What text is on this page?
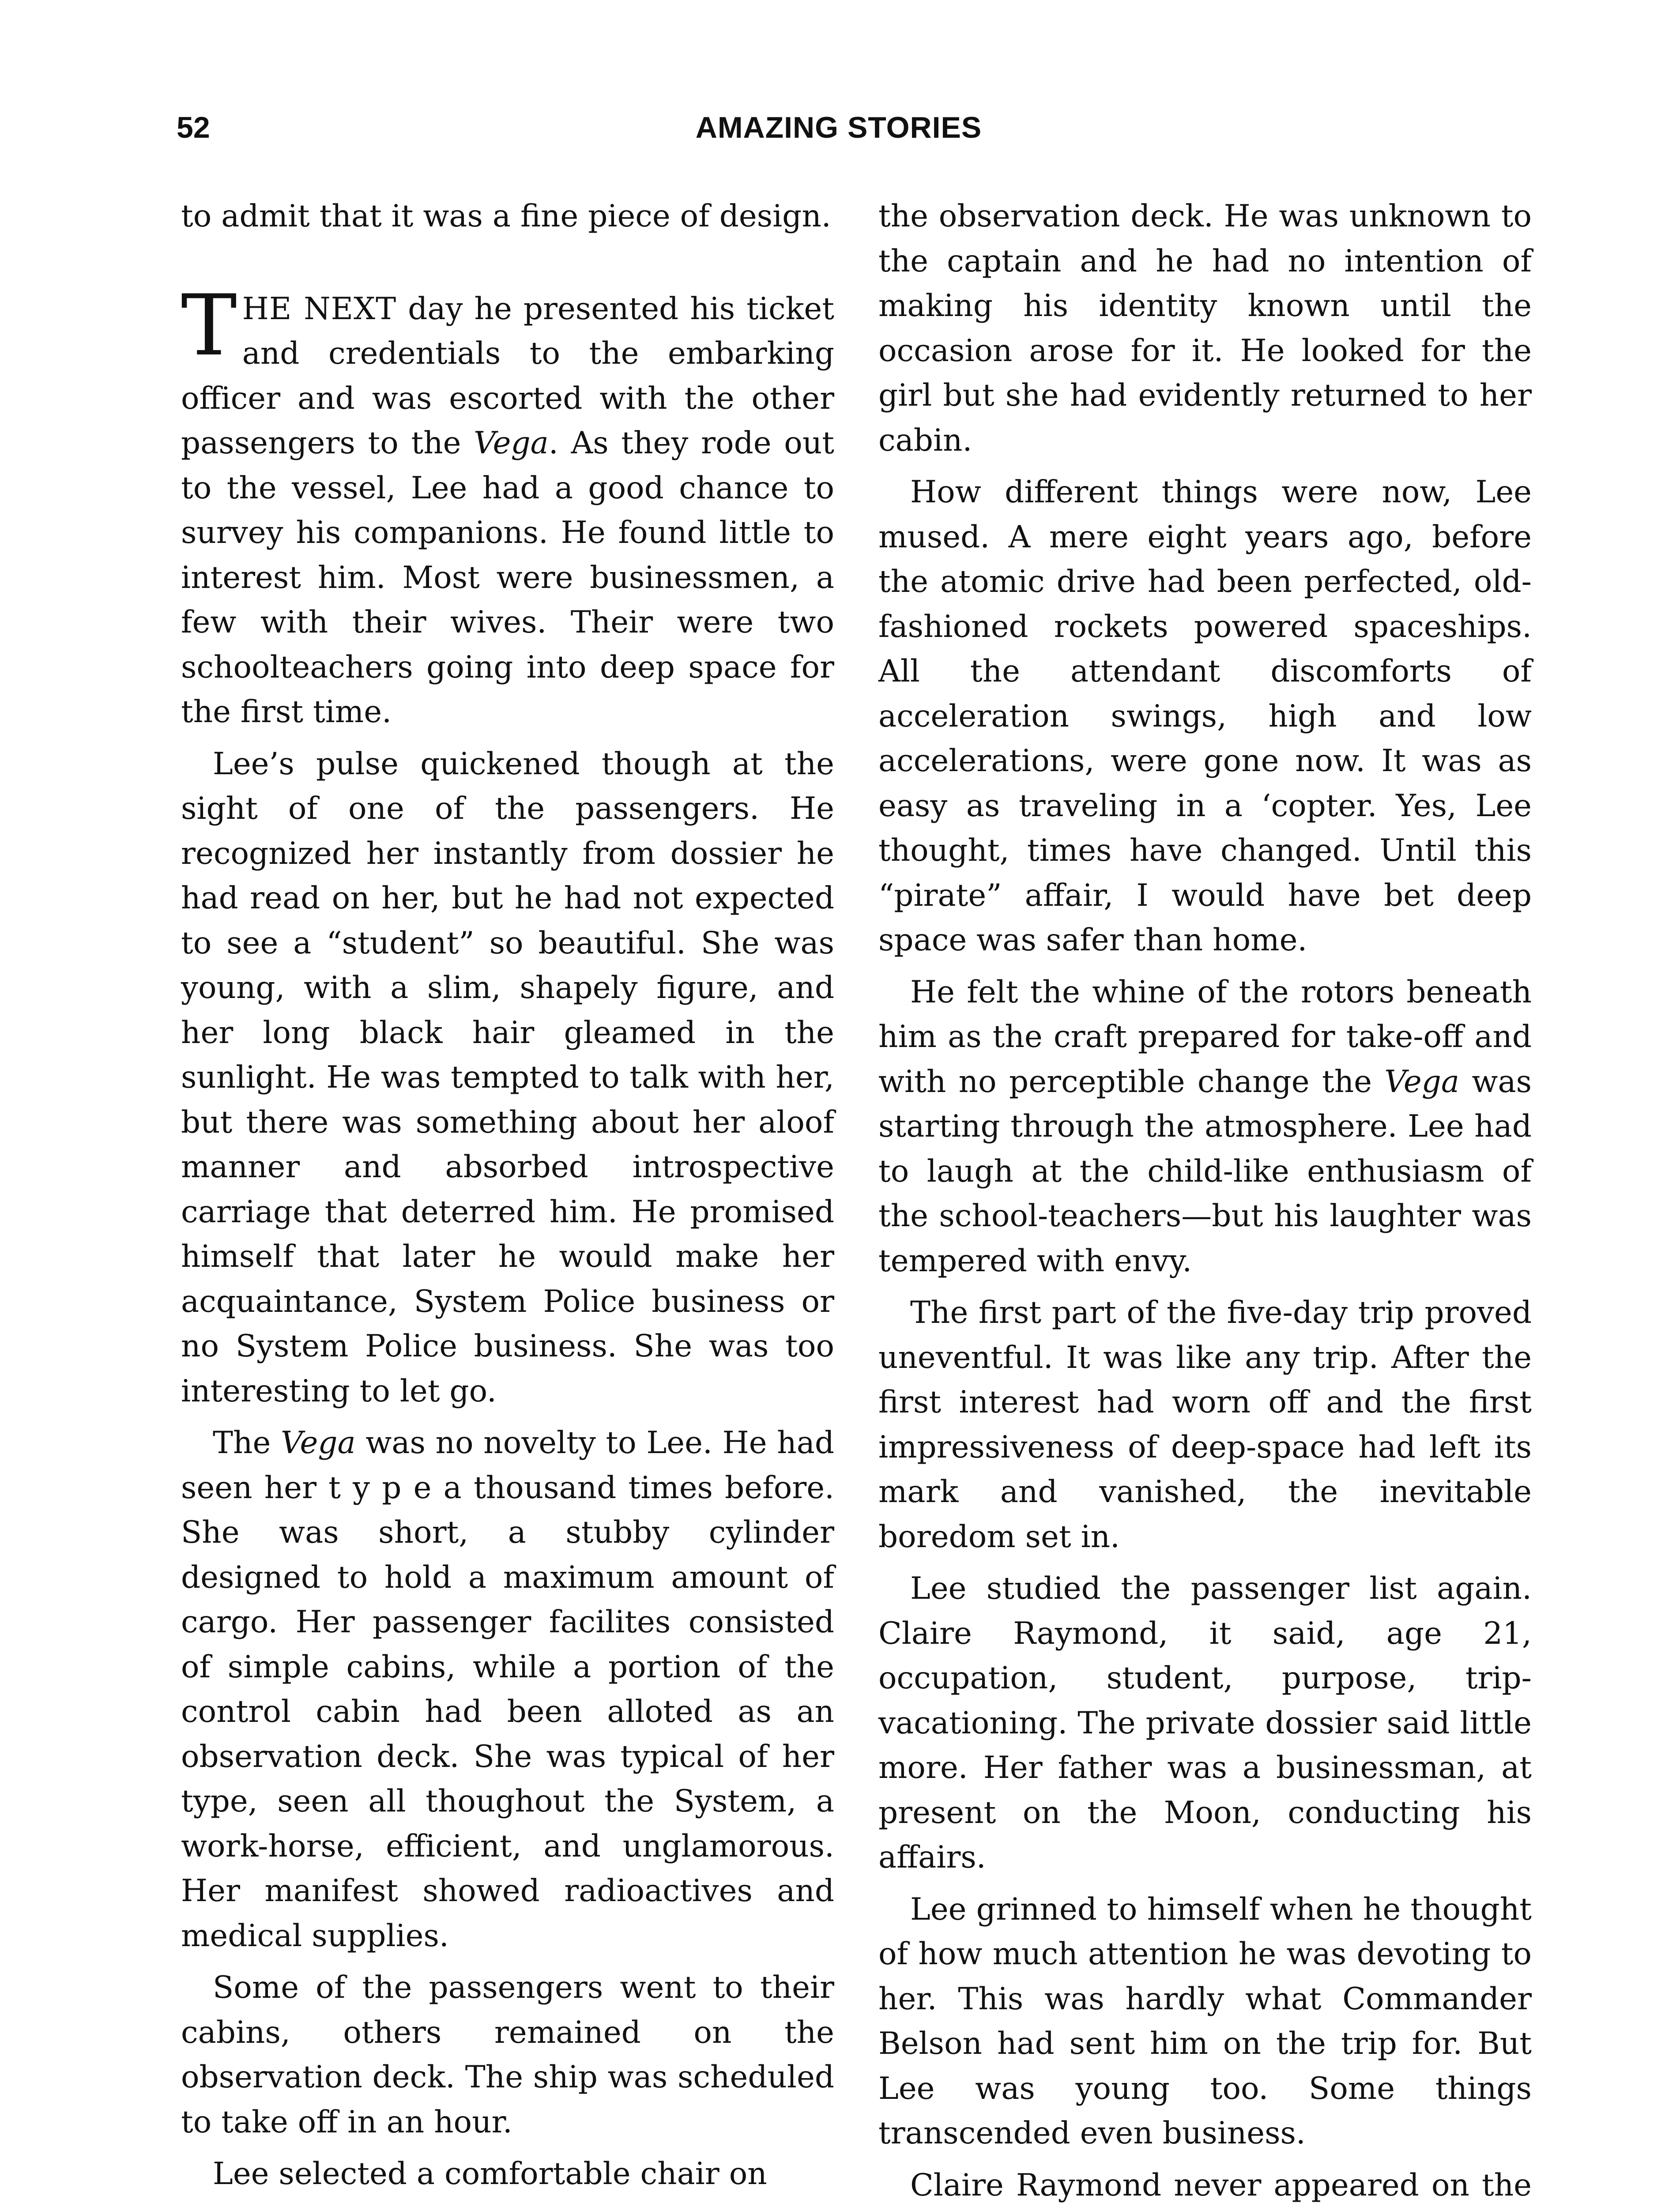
52	AMAZING STORIES

to admit that it was a fine piece of design.

THE NEXT day he presented his ticket and credentials to the embarking officer and was escorted with the other passengers to the Vega. As they rode out to the vessel, Lee had a good chance to survey his companions. He found little to interest him. Most were businessmen, a few with their wives. Their were two schoolteachers going into deep space for the first time.

Lee’s pulse quickened though at the sight of one of the passengers. He recognized her instantly from dossier he had read on her, but he had not expected to see a “student” so beautiful. She was young, with a slim, shapely figure, and her long black hair gleamed in the sunlight. He was tempted to talk with her, but there was something about her aloof manner and absorbed introspective carriage that deterred him. He promised himself that later he would make her acquaintance, System Police business or no System Police business. She was too interesting to let go.

The Vega was no novelty to Lee. He had seen her t y p e a thousand times before. She was short, a stubby cylinder designed to hold a maximum amount of cargo. Her passenger facilites consisted of simple cabins, while a portion of the control cabin had been alloted as an observation deck. She was typical of her type, seen all thoughout the System, a work-horse, efficient, and unglamorous. Her manifest showed radioactives and medical supplies.

Some of the passengers went to their cabins, others remained on the observation deck. The ship was scheduled to take off in an hour.

Lee selected a comfortable chair on

the observation deck. He was unknown to the captain and he had no intention of making his identity known until the occasion arose for it. He looked for the girl but she had evidently returned to her cabin.

How different things were now, Lee mused. A mere eight years ago, before the atomic drive had been perfected, old-fashioned rockets powered spaceships. All the attendant discomforts of acceleration swings, high and low accelerations, were gone now. It was as easy as traveling in a ‘copter. Yes, Lee thought, times have changed. Until this “pirate” affair, I would have bet deep space was safer than home.

He felt the whine of the rotors beneath him as the craft prepared for take-off and with no perceptible change the Vega was starting through the atmosphere. Lee had to laugh at the child-like enthusiasm of the school-teachers—but his laughter was tempered with envy.

The first part of the five-day trip proved uneventful. It was like any trip. After the first interest had worn off and the first impressiveness of deep-space had left its mark and vanished, the inevitable boredom set in.

Lee studied the passenger list again. Claire Raymond, it said, age 21, occupation, student, purpose, trip-vacationing. The private dossier said little more. Her father was a businessman, at present on the Moon, conducting his affairs.

Lee grinned to himself when he thought of how much attention he was devoting to her. This was hardly what Commander Belson had sent him on the trip for. But Lee was young too. Some things transcended even business.

Claire Raymond never appeared on the
